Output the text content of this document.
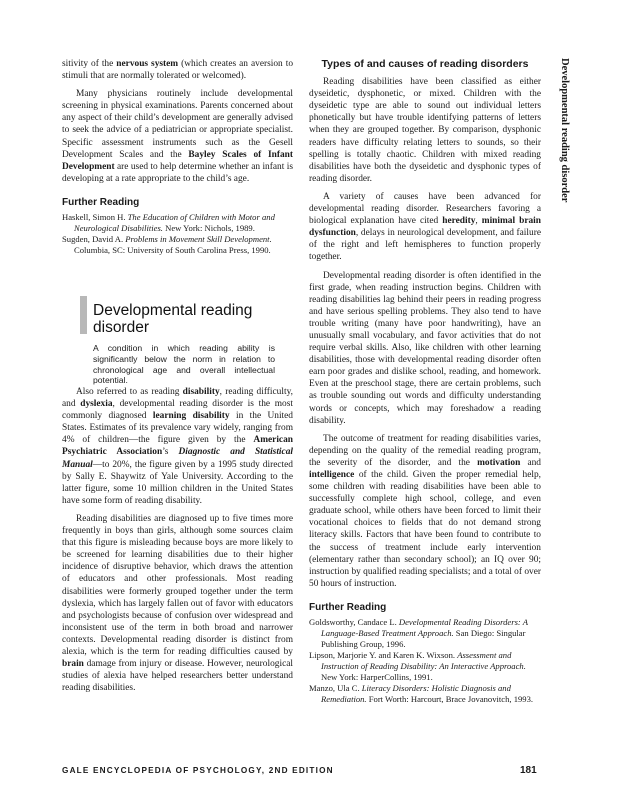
Developmental reading disorder

sitivity of the nervous system (which creates an aversion to stimuli that are normally tolerated or welcomed).

Many physicians routinely include developmental screening in physical examinations. Parents concerned about any aspect of their child’s development are generally advised to seek the advice of a pediatrician or appropriate specialist. Specific assessment instruments such as the Gesell Development Scales and the Bayley Scales of Infant Development are used to help determine whether an infant is developing at a rate appropriate to the child’s age.

Further Reading

Haskell, Simon H. The Education of Children with Motor and Neurological Disabilities. New York: Nichols, 1989.

Sugden, David A. Problems in Movement Skill Development. Columbia, SC: University of South Carolina Press, 1990.

Developmental reading
disorder
A condition in which reading ability is significantly below the norm in relation to chronological age and overall intellectual potential.

Also referred to as reading disability, reading difficulty, and dyslexia, developmental reading disorder is the most commonly diagnosed learning disability in the United States. Estimates of its prevalence vary widely, ranging from 4% of children—the figure given by the American Psychiatric Association’s Diagnostic and Statistical Manual—to 20%, the figure given by a 1995 study directed by Sally E. Shaywitz of Yale University. According to the latter figure, some 10 million children in the United States have some form of reading disability.

Reading disabilities are diagnosed up to five times more frequently in boys than girls, although some sources claim that this figure is misleading because boys are more likely to be screened for learning disabilities due to their higher incidence of disruptive behavior, which draws the attention of educators and other professionals. Most reading disabilities were formerly grouped together under the term dyslexia, which has largely fallen out of favor with educators and psychologists because of confusion over widespread and inconsistent use of the term in both broad and narrower contexts. Developmental reading disorder is distinct from alexia, which is the term for reading difficulties caused by brain damage from injury or disease. However, neurological studies of alexia have helped researchers better understand reading disabilities.

Types of and causes of reading disorders

Reading disabilities have been classified as either dyseidetic, dysphonetic, or mixed. Children with the dyseidetic type are able to sound out individual letters phonetically but have trouble identifying patterns of letters when they are grouped together. By comparison, dysphonic readers have difficulty relating letters to sounds, so their spelling is totally chaotic. Children with mixed reading disabilities have both the dyseidetic and dysphonic types of reading disorder.

A variety of causes have been advanced for developmental reading disorder. Researchers favoring a biological explanation have cited heredity, minimal brain dysfunction, delays in neurological development, and failure of the right and left hemispheres to function properly together.

Developmental reading disorder is often identified in the first grade, when reading instruction begins. Children with reading disabilities lag behind their peers in reading progress and have serious spelling problems. They also tend to have trouble writing (many have poor handwriting), have an unusually small vocabulary, and favor activities that do not require verbal skills. Also, like children with other learning disabilities, those with developmental reading disorder often earn poor grades and dislike school, reading, and homework. Even at the preschool stage, there are certain problems, such as trouble sounding out words and difficulty understanding words or concepts, which may foreshadow a reading disability.

The outcome of treatment for reading disabilities varies, depending on the quality of the remedial reading program, the severity of the disorder, and the motivation and intelligence of the child. Given the proper remedial help, some children with reading disabilities have been able to successfully complete high school, college, and even graduate school, while others have been forced to limit their vocational choices to fields that do not demand strong literacy skills. Factors that have been found to contribute to the success of treatment include early intervention (elementary rather than secondary school); an IQ over 90; instruction by qualified reading specialists; and a total of over 50 hours of instruction.

Further Reading

Goldsworthy, Candace L. Developmental Reading Disorders: A Language-Based Treatment Approach. San Diego: Singular Publishing Group, 1996.

Lipson, Marjorie Y. and Karen K. Wixson. Assessment and Instruction of Reading Disability: An Interactive Approach. New York: HarperCollins, 1991.

Manzo, Ula C. Literacy Disorders: Holistic Diagnosis and Remediation. Fort Worth: Harcourt, Brace Jovanovitch, 1993.

GALE ENCYCLOPEDIA OF PSYCHOLOGY, 2ND EDITION	181
